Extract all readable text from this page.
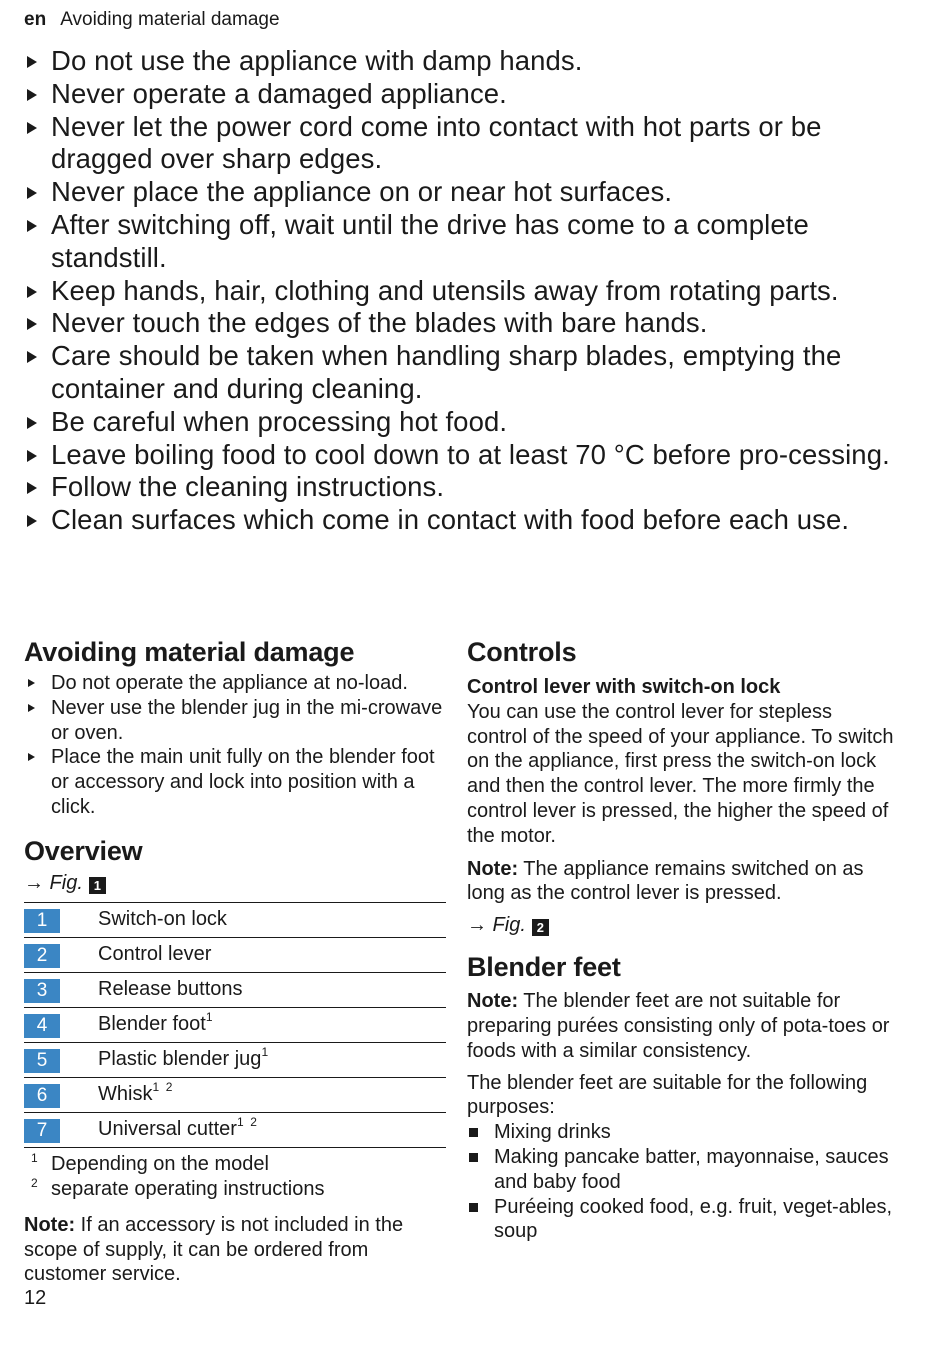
en Avoiding material damage
Do not use the appliance with damp hands.
Never operate a damaged appliance.
Never let the power cord come into contact with hot parts or be dragged over sharp edges.
Never place the appliance on or near hot surfaces.
After switching off, wait until the drive has come to a complete standstill.
Keep hands, hair, clothing and utensils away from rotating parts.
Never touch the edges of the blades with bare hands.
Care should be taken when handling sharp blades, emptying the container and during cleaning.
Be careful when processing hot food.
Leave boiling food to cool down to at least 70 °C before pro-cessing.
Follow the cleaning instructions.
Clean surfaces which come in contact with food before each use.
Avoiding material damage
Do not operate the appliance at no-load.
Never use the blender jug in the mi-crowave or oven.
Place the main unit fully on the blender foot or accessory and lock into position with a click.
Overview
→ Fig. 1
1	Switch-on lock
2	Control lever
3	Release buttons
4	Blender foot$^1$
5	Plastic blender jug$^1$
6	Whisk$^{1 2}$
7	Universal cutter$^{1 2}$
1 Depending on the model
2 separate operating instructions
Note: If an accessory is not included in the scope of supply, it can be ordered from customer service.
12
Controls
Control lever with switch-on lock
You can use the control lever for stepless control of the speed of your appliance. To switch on the appliance, first press the switch-on lock and then the control lever. The more firmly the control lever is pressed, the higher the speed of the motor.
Note: The appliance remains switched on as long as the control lever is pressed.
→ Fig. 2
Blender feet
Note: The blender feet are not suitable for preparing purées consisting only of pota-toes or foods with a similar consistency.
The blender feet are suitable for the following purposes:
Mixing drinks
Making pancake batter, mayonnaise, sauces and baby food
Puréeing cooked food, e.g. fruit, veget-ables, soup
